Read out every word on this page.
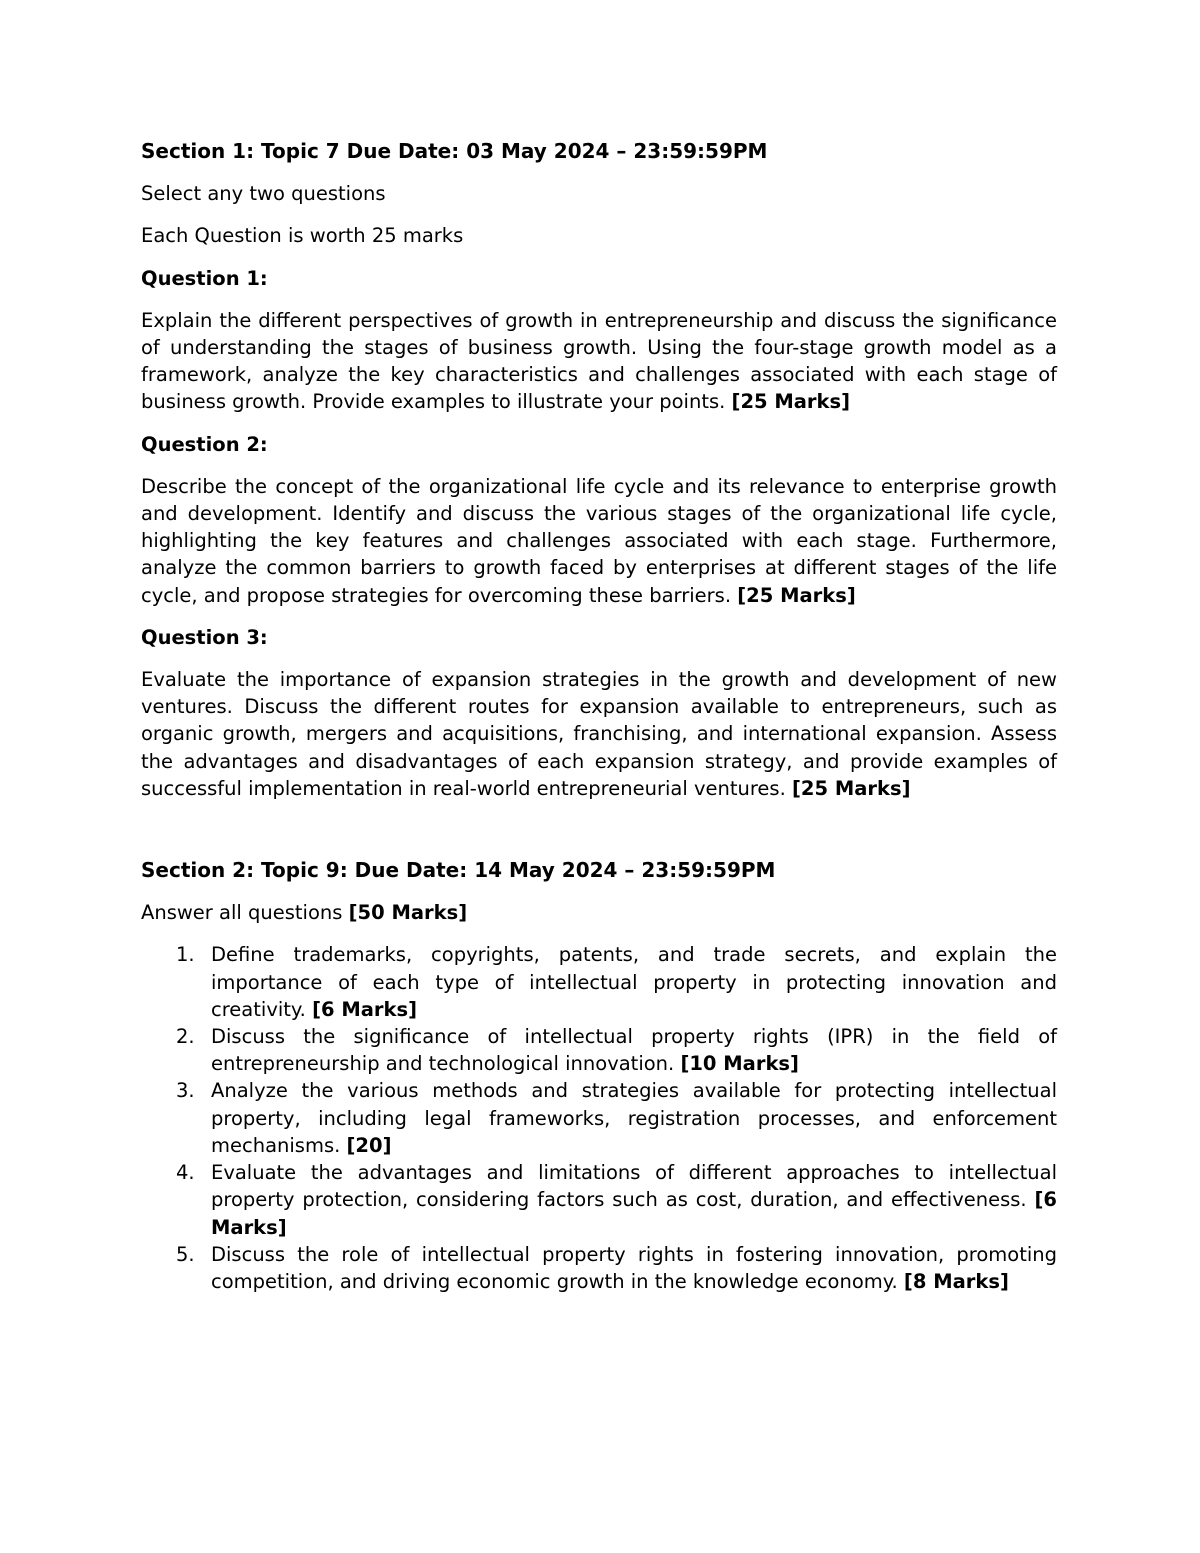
Section 1: Topic 7 Due Date: 03 May 2024 – 23:59:59PM
Select any two questions
Each Question is worth 25 marks
Question 1:
Explain the different perspectives of growth in entrepreneurship and discuss the significance of understanding the stages of business growth. Using the four-stage growth model as a framework, analyze the key characteristics and challenges associated with each stage of business growth. Provide examples to illustrate your points. [25 Marks]
Question 2:
Describe the concept of the organizational life cycle and its relevance to enterprise growth and development. Identify and discuss the various stages of the organizational life cycle, highlighting the key features and challenges associated with each stage. Furthermore, analyze the common barriers to growth faced by enterprises at different stages of the life cycle, and propose strategies for overcoming these barriers. [25 Marks]
Question 3:
Evaluate the importance of expansion strategies in the growth and development of new ventures. Discuss the different routes for expansion available to entrepreneurs, such as organic growth, mergers and acquisitions, franchising, and international expansion. Assess the advantages and disadvantages of each expansion strategy, and provide examples of successful implementation in real-world entrepreneurial ventures. [25 Marks]
Section 2: Topic 9: Due Date: 14 May 2024 – 23:59:59PM
Answer all questions [50 Marks]
1. Define trademarks, copyrights, patents, and trade secrets, and explain the importance of each type of intellectual property in protecting innovation and creativity. [6 Marks]
2. Discuss the significance of intellectual property rights (IPR) in the field of entrepreneurship and technological innovation. [10 Marks]
3. Analyze the various methods and strategies available for protecting intellectual property, including legal frameworks, registration processes, and enforcement mechanisms. [20]
4. Evaluate the advantages and limitations of different approaches to intellectual property protection, considering factors such as cost, duration, and effectiveness. [6 Marks]
5. Discuss the role of intellectual property rights in fostering innovation, promoting competition, and driving economic growth in the knowledge economy. [8 Marks]
